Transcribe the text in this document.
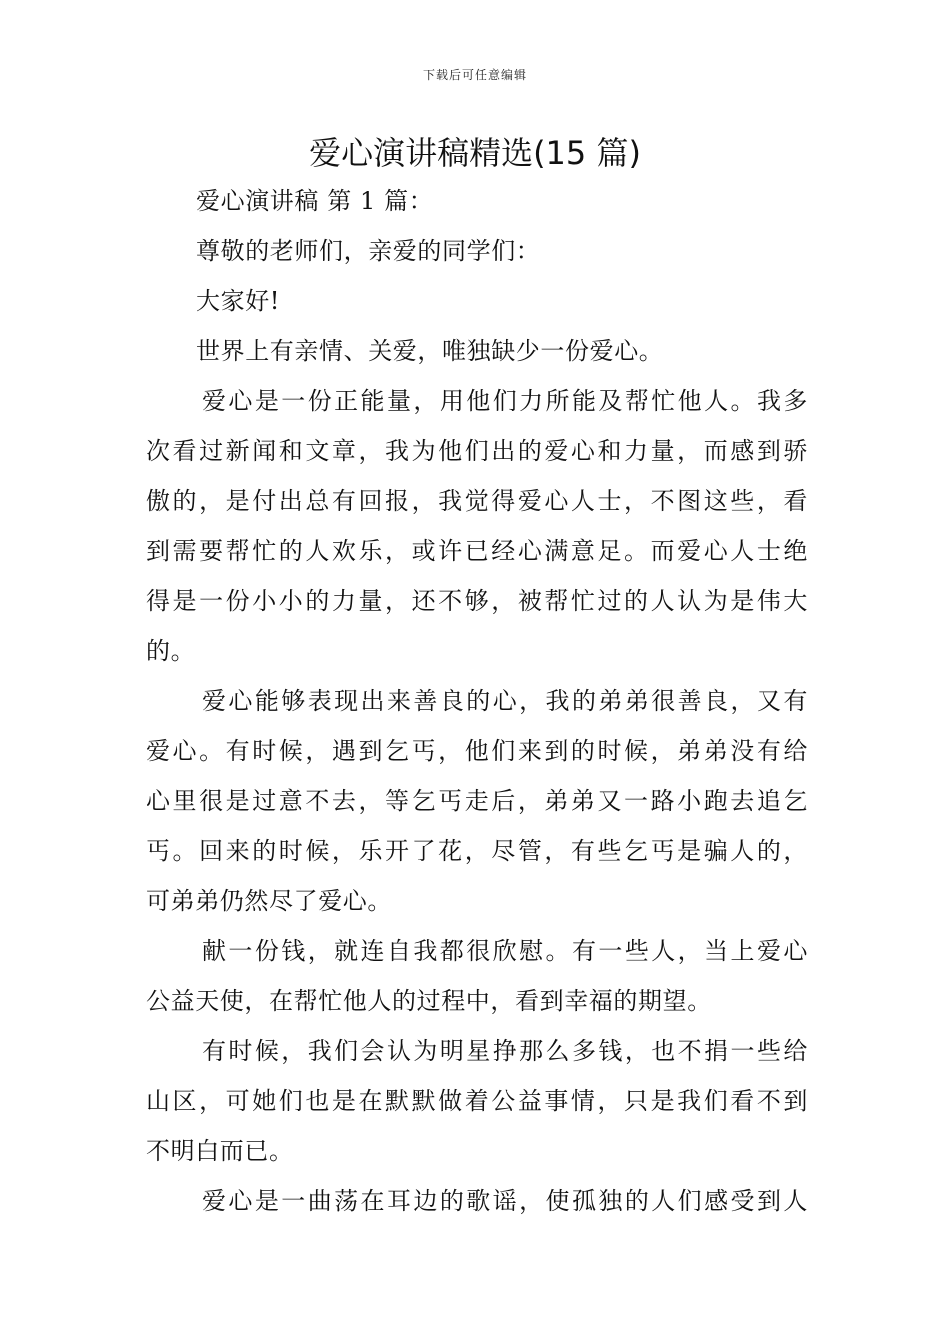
下载后可任意编辑
爱心演讲稿精选(15 篇)
爱心演讲稿 第 1 篇：
尊敬的老师们，亲爱的同学们：
大家好!
世界上有亲情、关爱，唯独缺少一份爱心。
爱心是一份正能量，用他们力所能及帮忙他人。我多
次看过新闻和文章，我为他们出的爱心和力量，而感到骄
傲的，是付出总有回报，我觉得爱心人士，不图这些，看
到需要帮忙的人欢乐，或许已经心满意足。而爱心人士绝
得是一份小小的力量，还不够，被帮忙过的人认为是伟大
的。
爱心能够表现出来善良的心，我的弟弟很善良，又有
爱心。有时候，遇到乞丐，他们来到的时候，弟弟没有给
心里很是过意不去，等乞丐走后，弟弟又一路小跑去追乞
丐。回来的时候，乐开了花，尽管，有些乞丐是骗人的，
可弟弟仍然尽了爱心。
献一份钱，就连自我都很欣慰。有一些人，当上爱心
公益天使，在帮忙他人的过程中，看到幸福的期望。
有时候，我们会认为明星挣那么多钱，也不捐一些给
山区，可她们也是在默默做着公益事情，只是我们看不到
不明白而已。
爱心是一曲荡在耳边的歌谣，使孤独的人们感受到人
